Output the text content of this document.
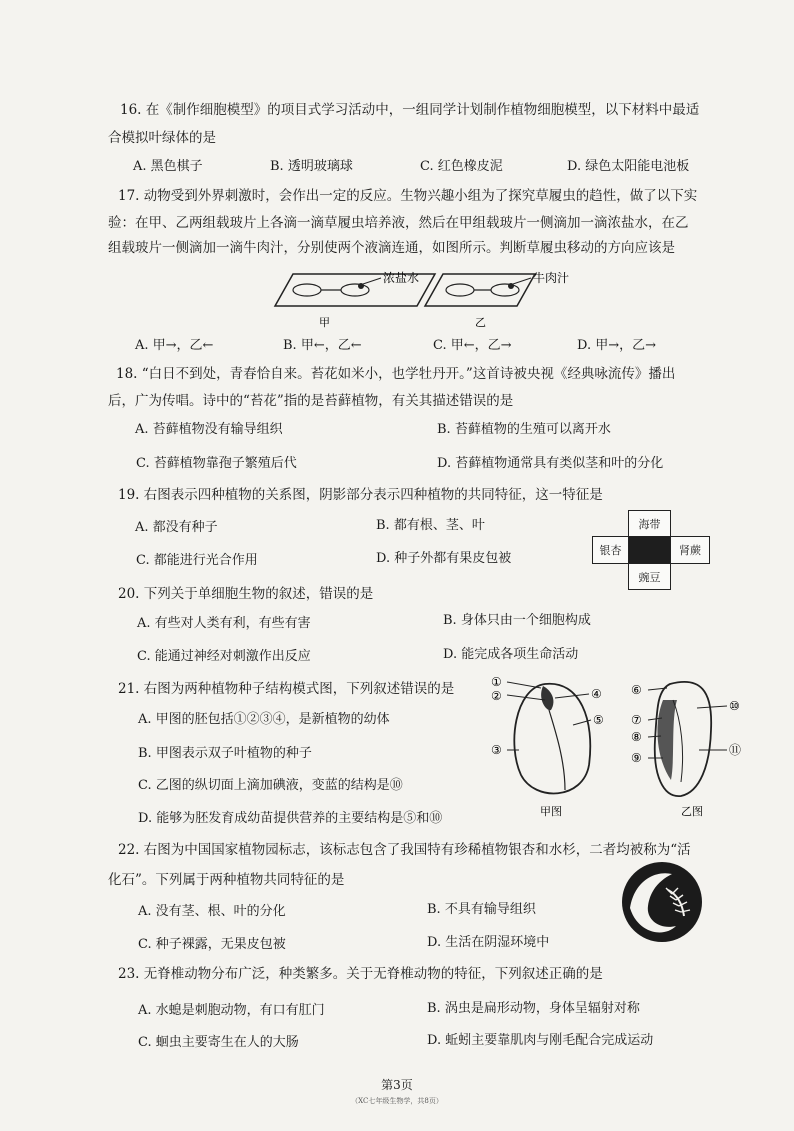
16. 在《制作细胞模型》的项目式学习活动中，一组同学计划制作植物细胞模型，以下材料中最适
合模拟叶绿体的是
A. 黑色棋子	B. 透明玻璃球	C. 红色橡皮泥	D. 绿色太阳能电池板
17. 动物受到外界刺激时，会作出一定的反应。生物兴趣小组为了探究草履虫的趋性，做了以下实
验：在甲、乙两组载玻片上各滴一滴草履虫培养液，然后在甲组载玻片一侧滴加一滴浓盐水，在乙
组载玻片一侧滴加一滴牛肉汁，分别使两个液滴连通，如图所示。判断草履虫移动的方向应该是
浓盐水
甲
牛肉汁
乙
A. 甲→，乙←	B. 甲←，乙←	C. 甲←，乙→	D. 甲→，乙→
18. “白日不到处，青春恰自来。苔花如米小，也学牡丹开。”这首诗被央视《经典咏流传》播出
后，广为传唱。诗中的“苔花”指的是苔藓植物，有关其描述错误的是
A. 苔藓植物没有输导组织	B. 苔藓植物的生殖可以离开水
C. 苔藓植物靠孢子繁殖后代	D. 苔藓植物通常具有类似茎和叶的分化
19. 右图表示四种植物的关系图，阴影部分表示四种植物的共同特征，这一特征是
A. 都没有种子	B. 都有根、茎、叶
C. 都能进行光合作用	D. 种子外都有果皮包被
海带
银杏	肾蕨
豌豆
20. 下列关于单细胞生物的叙述，错误的是
A. 有些对人类有利，有些有害	B. 身体只由一个细胞构成
C. 能通过神经对刺激作出反应	D. 能完成各项生命活动
21. 右图为两种植物种子结构模式图，下列叙述错误的是
A. 甲图的胚包括①②③④，是新植物的幼体
B. 甲图表示双子叶植物的种子
C. 乙图的纵切面上滴加碘液，变蓝的结构是⑩
D. 能够为胚发育成幼苗提供营养的主要结构是⑤和⑩
①
②
③
④
⑤
甲图
⑥
⑦
⑧
⑨
⑩
⑪
乙图
22. 右图为中国国家植物园标志，该标志包含了我国特有珍稀植物银杏和水杉，二者均被称为“活
化石”。下列属于两种植物共同特征的是
A. 没有茎、根、叶的分化	B. 不具有输导组织
C. 种子裸露，无果皮包被	D. 生活在阴湿环境中
23. 无脊椎动物分布广泛，种类繁多。关于无脊椎动物的特征，下列叙述正确的是
A. 水螅是刺胞动物，有口有肛门	B. 涡虫是扁形动物，身体呈辐射对称
C. 蛔虫主要寄生在人的大肠	D. 蚯蚓主要靠肌肉与刚毛配合完成运动
第3页
（XC七年级生物学，共8页）
